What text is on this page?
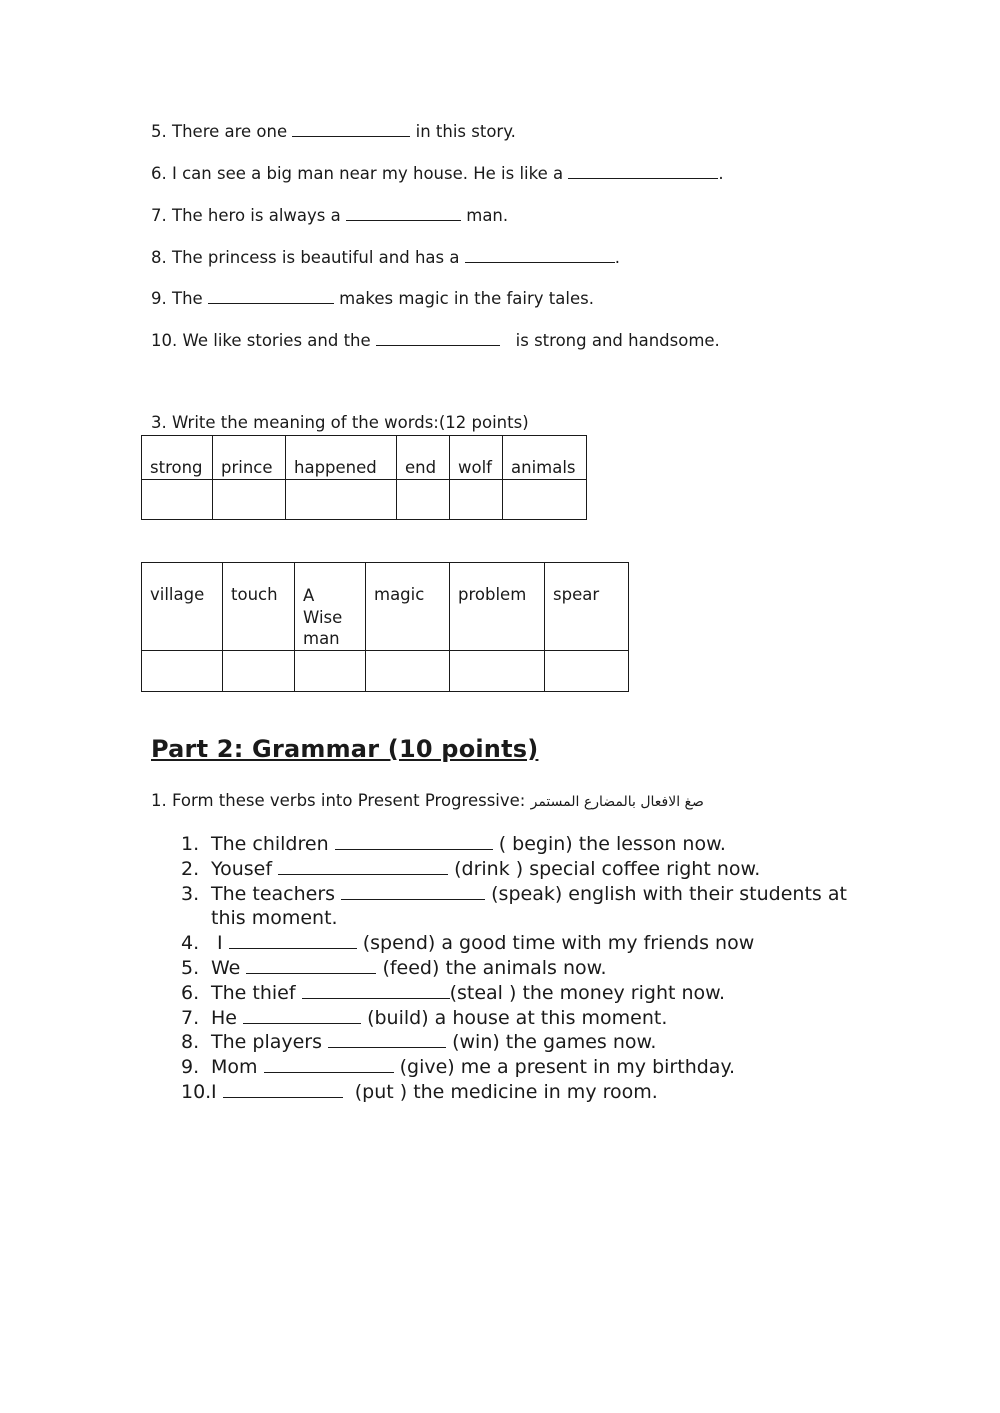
5. There are one	in this story.
6. I can see a big man near my house. He is like a	.
7. The hero is always a	man.
8. The princess is beautiful and has a	.
9. The	makes magic in the fairy tales.
10. We like stories and the	is strong and handsome.
3. Write the meaning of the words:(12 points)
strong	prince	happened	end	wolf	animals

village	touch	A Wise man	magic	problem	spear

Part 2: Grammar (10 points)
1. Form these verbs into Present Progressive: صغ الافعال بالمضارع المستمر
1. The children	( begin) the lesson now.
2. Yousef	(drink ) special coffee right now.
3. The teachers	(speak) english with their students at this moment.
4. I	(spend) a good time with my friends now
5. We	(feed) the animals now.
6. The thief	(steal ) the money right now.
7. He	(build) a house at this moment.
8. The players	(win) the games now.
9. Mom	(give) me a present in my birthday.
10. I	(put ) the medicine in my room.
